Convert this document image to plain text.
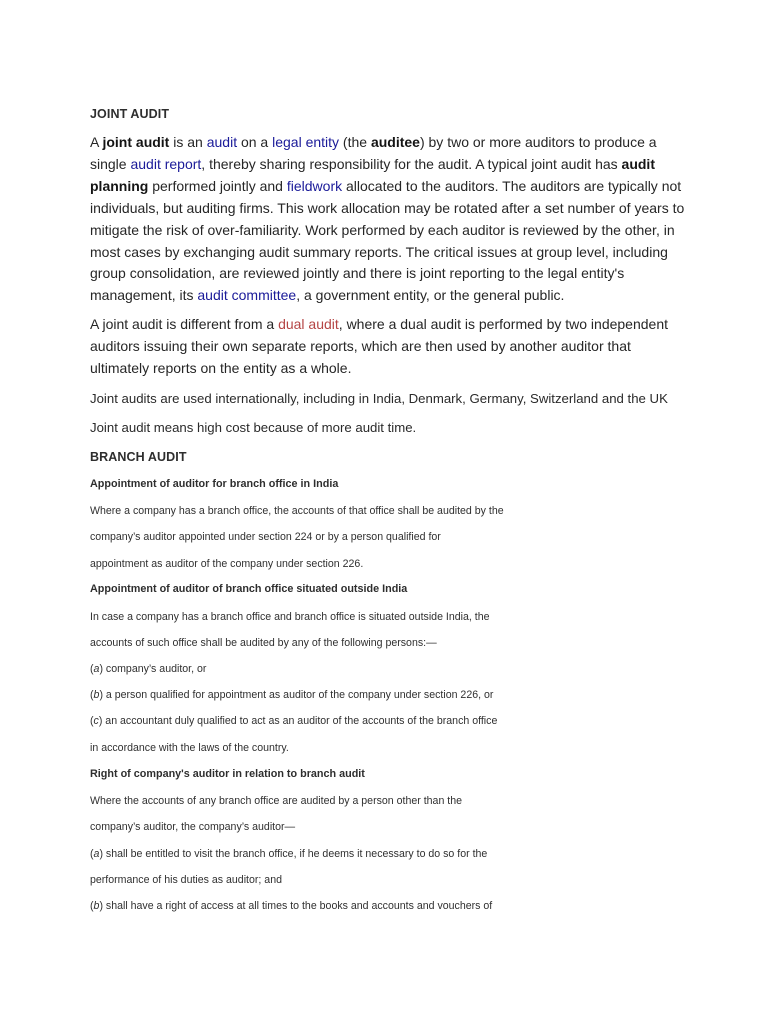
JOINT AUDIT

A joint audit is an audit on a legal entity (the auditee) by two or more auditors to produce a single audit report, thereby sharing responsibility for the audit. A typical joint audit has audit planning performed jointly and fieldwork allocated to the auditors. The auditors are typically not individuals, but auditing firms. This work allocation may be rotated after a set number of years to mitigate the risk of over-familiarity. Work performed by each auditor is reviewed by the other, in most cases by exchanging audit summary reports. The critical issues at group level, including group consolidation, are reviewed jointly and there is joint reporting to the legal entity's management, its audit committee, a government entity, or the general public.

A joint audit is different from a dual audit, where a dual audit is performed by two independent auditors issuing their own separate reports, which are then used by another auditor that ultimately reports on the entity as a whole.

Joint audits are used internationally, including in India, Denmark, Germany, Switzerland and the UK
Joint audit means high cost because of more audit time.
BRANCH AUDIT
Appointment of auditor for branch office in India
Where a company has a branch office, the accounts of that office shall be audited by the
company’s auditor appointed under section 224 or by a person qualified for
appointment as auditor of the company under section 226.
Appointment of auditor of branch office situated outside India
In case a company has a branch office and branch office is situated outside India, the
accounts of such office shall be audited by any of the following persons:—
(a) company’s auditor, or
(b) a person qualified for appointment as auditor of the company under section 226, or
(c) an accountant duly qualified to act as an auditor of the accounts of the branch office
in accordance with the laws of the country.
Right of company's auditor in relation to branch audit
Where the accounts of any branch office are audited by a person other than the
company’s auditor, the company’s auditor—
(a) shall be entitled to visit the branch office, if he deems it necessary to do so for the
performance of his duties as auditor; and
(b) shall have a right of access at all times to the books and accounts and vouchers of
